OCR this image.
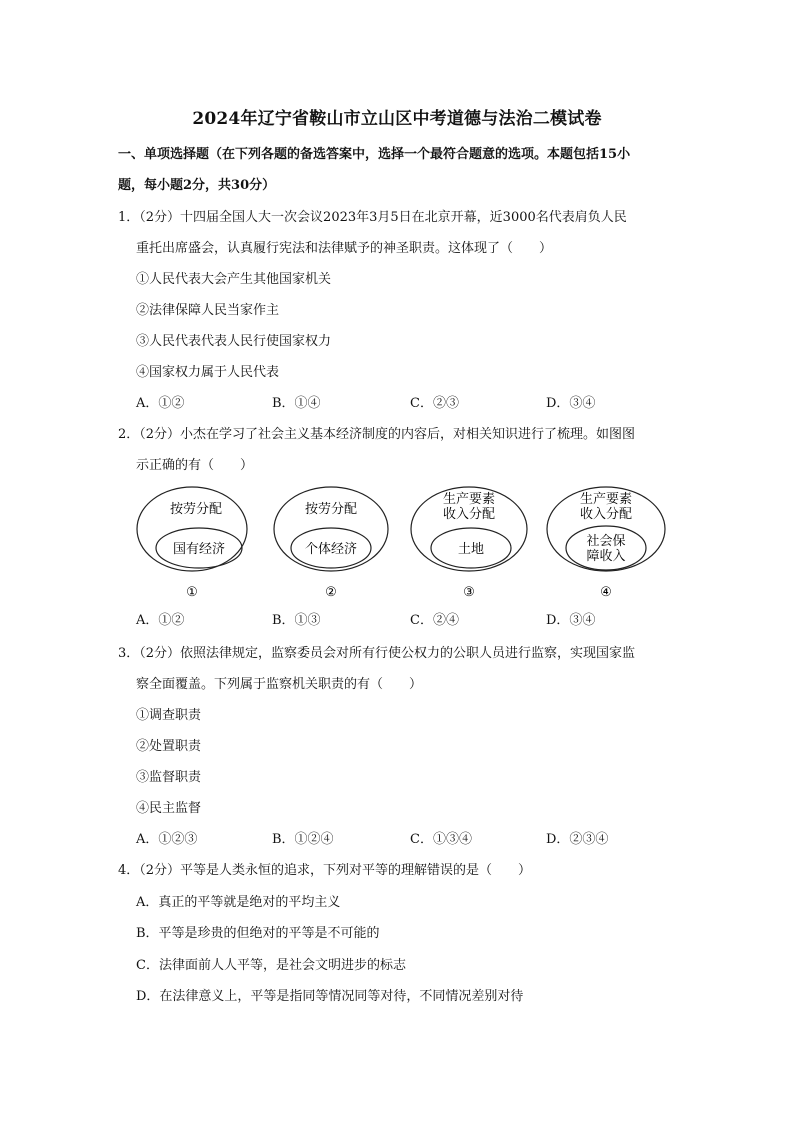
2024年辽宁省鞍山市立山区中考道德与法治二模试卷
一、单项选择题（在下列各题的备选答案中，选择一个最符合题意的选项。本题包括15小
题，每小题2分，共30分）
1．（2分）十四届全国人大一次会议2023年3月5日在北京开幕，近3000名代表肩负人民
重托出席盛会，认真履行宪法和法律赋予的神圣职责。这体现了（　　）
①人民代表大会产生其他国家机关
②法律保障人民当家作主
③人民代表代表人民行使国家权力
④国家权力属于人民代表
A．①②	B．①④	C．②③	D．③④
2．（2分）小杰在学习了社会主义基本经济制度的内容后，对相关知识进行了梳理。如图图
示正确的有（　　）
按劳分配
国有经济
①
按劳分配
个体经济
②
生产要素
收入分配
土地
③
生产要素
收入分配
社会保
障收入
④
A．①②	B．①③	C．②④	D．③④
3．（2分）依照法律规定，监察委员会对所有行使公权力的公职人员进行监察，实现国家监
察全面覆盖。下列属于监察机关职责的有（　　）
①调查职责
②处置职责
③监督职责
④民主监督
A．①②③	B．①②④	C．①③④	D．②③④
4．（2分）平等是人类永恒的追求，下列对平等的理解错误的是（　　）
A．真正的平等就是绝对的平均主义
B．平等是珍贵的但绝对的平等是不可能的
C．法律面前人人平等，是社会文明进步的标志
D．在法律意义上，平等是指同等情况同等对待，不同情况差别对待
